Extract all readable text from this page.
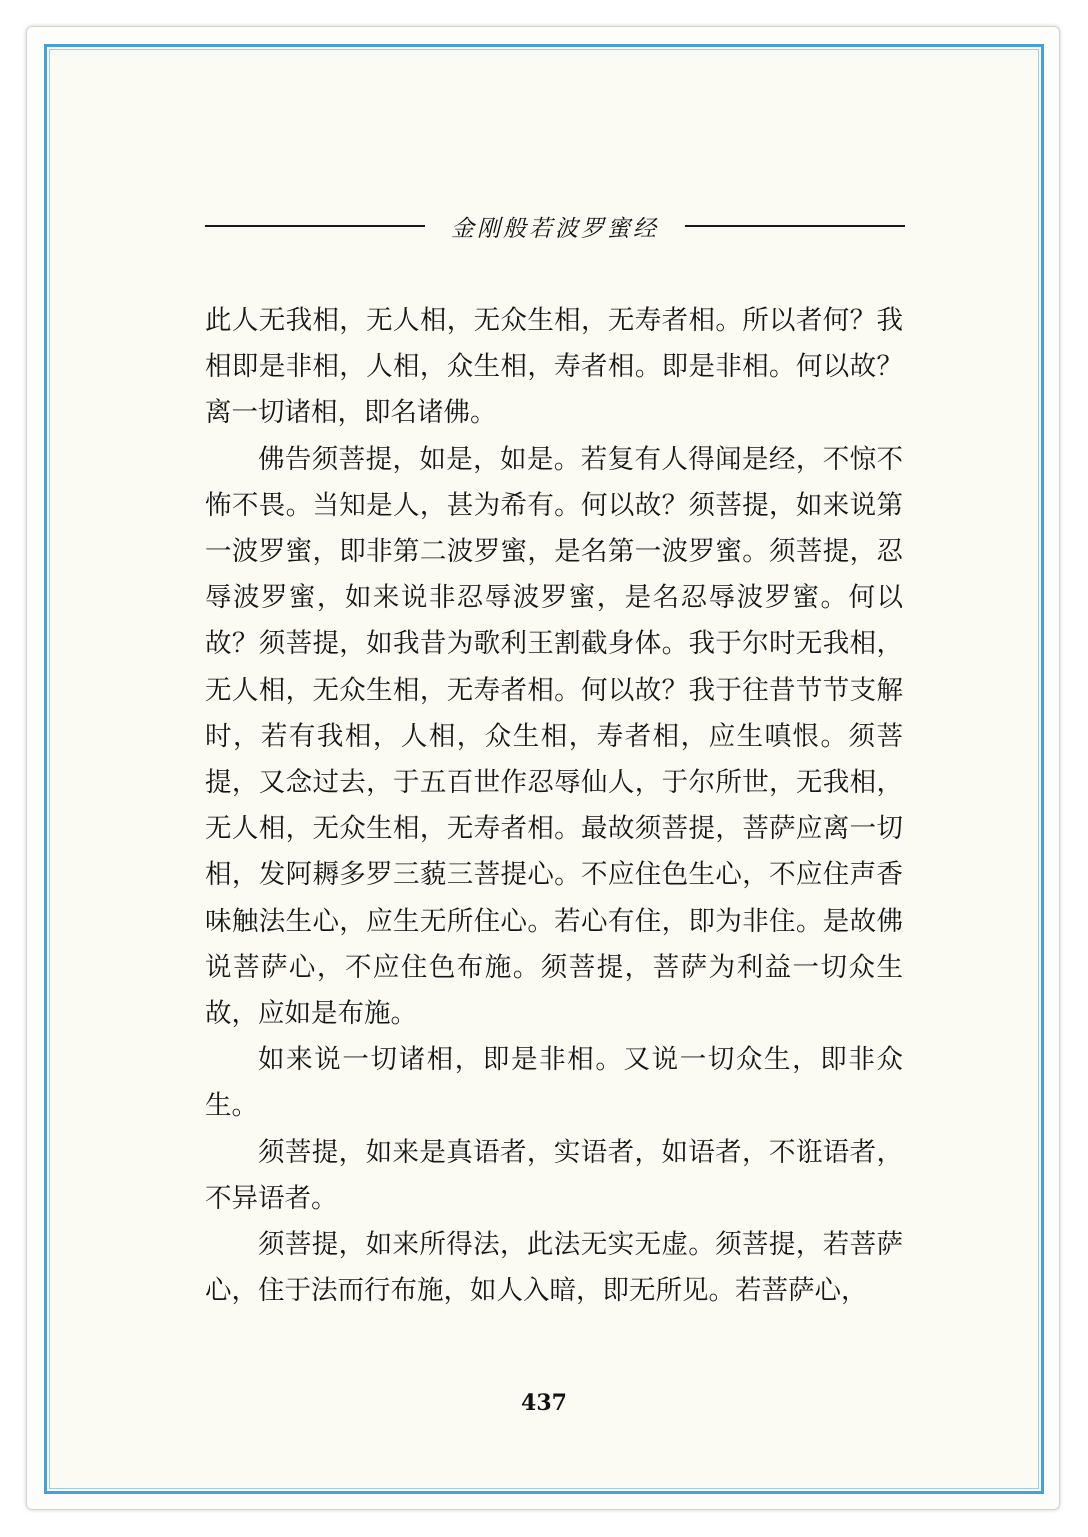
金刚般若波罗蜜经

此人无我相，无人相，无众生相，无寿者相。所以者何？我相即是非相，人相，众生相，寿者相。即是非相。何以故？离一切诸相，即名诸佛。

佛告须菩提，如是，如是。若复有人得闻是经，不惊不怖不畏。当知是人，甚为希有。何以故？须菩提，如来说第一波罗蜜，即非第二波罗蜜，是名第一波罗蜜。须菩提，忍辱波罗蜜，如来说非忍辱波罗蜜，是名忍辱波罗蜜。何以故？须菩提，如我昔为歌利王割截身体。我于尔时无我相，无人相，无众生相，无寿者相。何以故？我于往昔节节支解时，若有我相，人相，众生相，寿者相，应生嗔恨。须菩提，又念过去，于五百世作忍辱仙人，于尔所世，无我相，无人相，无众生相，无寿者相。最故须菩提，菩萨应离一切相，发阿耨多罗三藐三菩提心。不应住色生心，不应住声香味触法生心，应生无所住心。若心有住，即为非住。是故佛说菩萨心，不应住色布施。须菩提，菩萨为利益一切众生故，应如是布施。

如来说一切诸相，即是非相。又说一切众生，即非众生。

须菩提，如来是真语者，实语者，如语者，不诳语者，不异语者。

须菩提，如来所得法，此法无实无虚。须菩提，若菩萨心，住于法而行布施，如人入暗，即无所见。若菩萨心，

437
